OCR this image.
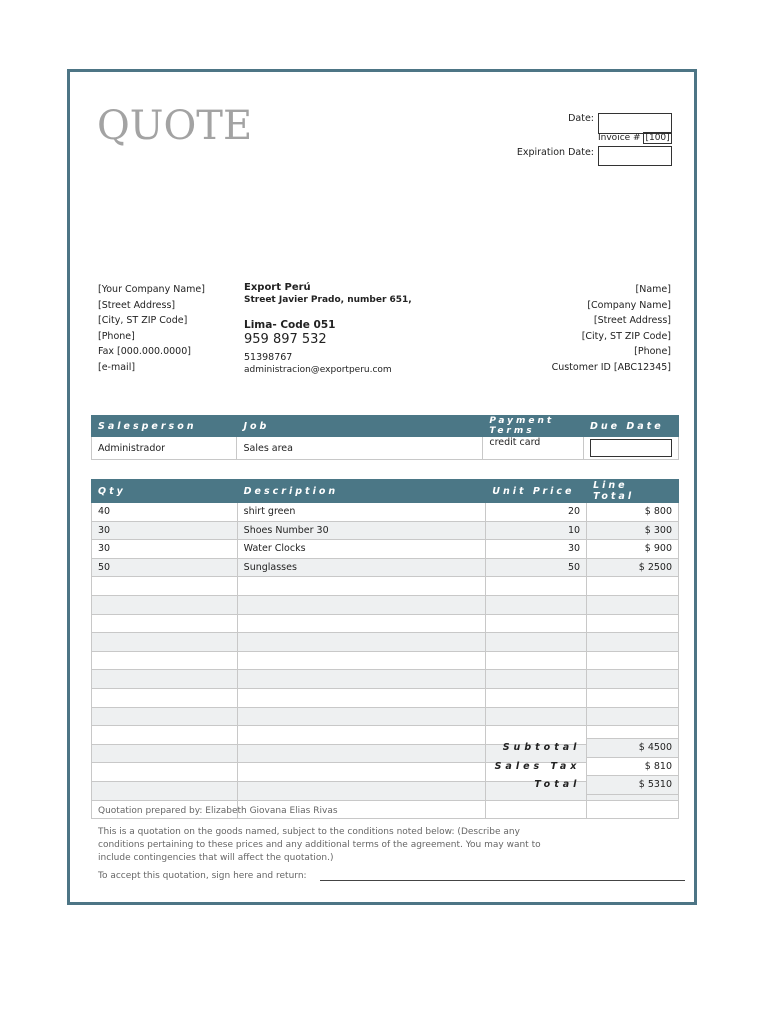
QUOTE	Date:
Invoice # [100]
Expiration Date:
[Your Company Name]
[Street Address]
[City, ST ZIP Code]
[Phone]
Fax [000.000.0000]
[e-mail]
Export Perú
Street Javier Prado, number 651,
Lima- Code 051
959 897 532
51398767
administracion@exportperu.com
[Name]
[Company Name]
[Street Address]
[City, ST ZIP Code]
[Phone]
Customer ID [ABC12345]
Salesperson	Job	Payment Terms	Due Date
Administrador	Sales area	credit card	
Qty	Description	Unit Price	Line Total
40	shirt green	20	$ 800
30	Shoes Number 30	10	$ 300
30	Water Clocks	30	$ 900
50	Sunglasses	50	$ 2500

Subtotal	$ 4500
Sales Tax	$ 810
Total	$ 5310
Quotation prepared by: Elizabeth Giovana Elias Rivas
This is a quotation on the goods named, subject to the conditions noted below: (Describe any conditions pertaining to these prices and any additional terms of the agreement. You may want to include contingencies that will affect the quotation.)
To accept this quotation, sign here and return:
